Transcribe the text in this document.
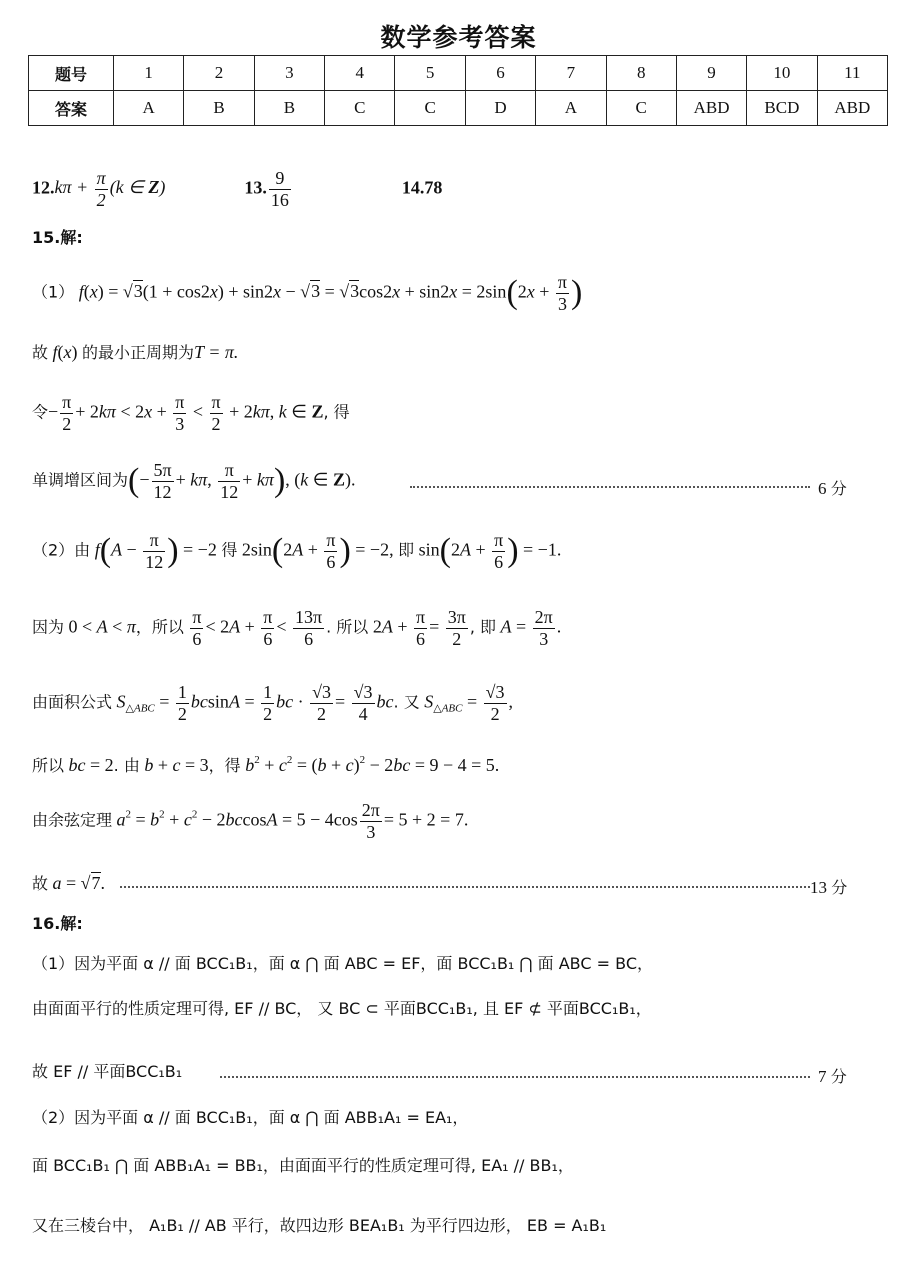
数学参考答案
题号	1	2	3	4	5	6	7	8	9	10	11
答案	A	B	B	C	C	D	A	C	ABD	BCD	ABD
$12.k\pi + \frac{\pi}{2} (k$ ∈ Z)	13. $\frac{9}{16}$	14.78
15.解:
（1） $f(x) = √3(1 + \cos 2x) + \sin 2x - √3 = √3\cos 2x + \sin 2x = 2\sin(2x + \frac{\pi}{3}$ )
故 f(x) 的最小正周期为T = π.
令− $\frac{\pi}{2} + 2k\pi < 2x + \frac{\pi}{3} < \frac{\pi}{2} + 2k\pi$, k ∈ Z, 得
单调增区间为(− $\frac{5\pi}{12} + k\pi$, $\frac{\pi}{12} + k\pi$), (k ∈ Z).	6 分
（2）由 $f(A - \frac{\pi}{12}$ ) = −2 得 $2\sin(2A + \frac{\pi}{6}$ ) = −2, 即 $\sin(2A + \frac{\pi}{6}$ ) = −1.
因为 0 < A < π，所以 $\frac{\pi}{6} < 2A + \frac{\pi}{6} < \frac{13\pi}{6}$ . 所以 $2A + \frac{\pi}{6} = \frac{3\pi}{2}$ , 即 $A = \frac{2\pi}{3}$ .
由面积公式 $S_{\triangle ABC} = \frac{1}{2}$ $bcsinA = \frac{1}{2}$ bc · $\frac{√3}{2} = \frac{√3}{4}$ bc. 又 $S_{\triangle ABC} = \frac{√3}{2}$ ,
所以 bc = 2. 由 b + c = 3，得 $b^2 + c^2 = (b + c)^2 - 2bc = 9 - 4 = 5$.
由余弦定理 $a^2 = b^2 + c^2 - 2bccosA = 5 - 4\cos \frac{2\pi}{3} = 5 + 2 = 7$.
故 a = √7.	13 分
16.解:
（1）因为平面 α // 面 BCC₁B₁，面 α ⋂ 面 ABC = EF，面 BCC₁B₁ ⋂ 面 ABC = BC，
由面面平行的性质定理可得, EF // BC， 又 BC ⊂ 平面BCC₁B₁, 且 EF ⊄ 平面BCC₁B₁，
故 EF // 平面BCC₁B₁	7 分
（2）因为平面 α // 面 BCC₁B₁，面 α ⋂ 面 ABB₁A₁ = EA₁，
面 BCC₁B₁ ⋂ 面 ABB₁A₁ = BB₁，由面面平行的性质定理可得, EA₁ // BB₁，
又在三棱台中， A₁B₁ // AB 平行，故四边形 BEA₁B₁ 为平行四边形， EB = A₁B₁
